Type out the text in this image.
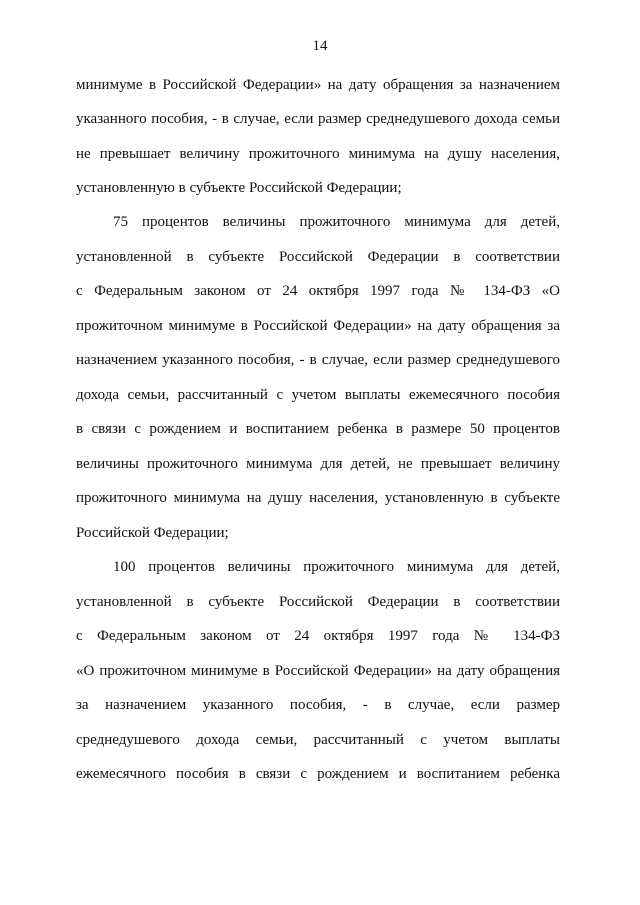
14
минимуме в Российской Федерации» на дату обращения за назначением
указанного пособия, - в случае, если размер среднедушевого дохода семьи
не превышает величину прожиточного минимума на душу населения,
установленную в субъекте Российской Федерации;
75 процентов величины прожиточного минимума для детей,
установленной в субъекте Российской Федерации в соответствии
с Федеральным законом от 24 октября 1997 года № 134-ФЗ «О
прожиточном минимуме в Российской Федерации» на дату обращения за
назначением указанного пособия, - в случае, если размер среднедушевого
дохода семьи, рассчитанный с учетом выплаты ежемесячного пособия
в связи с рождением и воспитанием ребенка в размере 50 процентов
величины прожиточного минимума для детей, не превышает величину
прожиточного минимума на душу населения, установленную в субъекте
Российской Федерации;
100 процентов величины прожиточного минимума для детей,
установленной в субъекте Российской Федерации в соответствии
с Федеральным законом от 24 октября 1997 года № 134-ФЗ
«О прожиточном минимуме в Российской Федерации» на дату обращения
за назначением указанного пособия, - в случае, если размер
среднедушевого дохода семьи, рассчитанный с учетом выплаты
ежемесячного пособия в связи с рождением и воспитанием ребенка
